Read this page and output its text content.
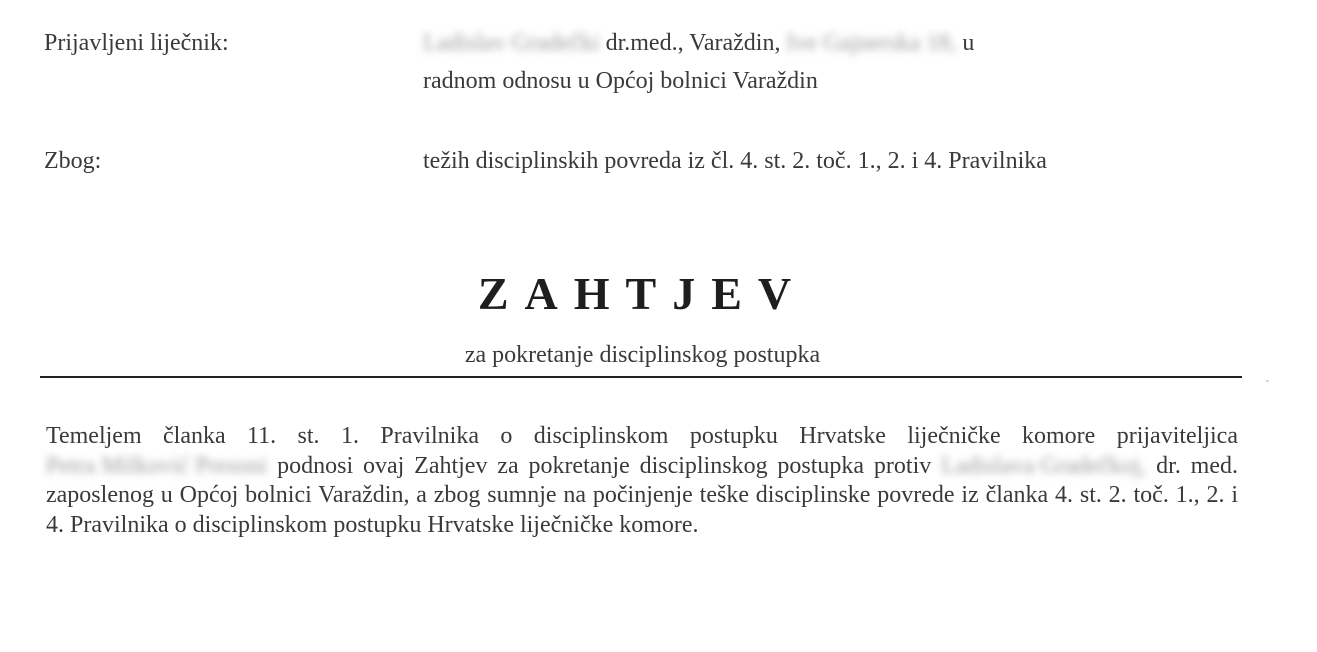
Prijavljeni liječnik:	Ladislav Gradečki dr.med., Varaždin, Ive Gajnerska 18, u
radnom odnosu u Općoj bolnici Varaždin
Zbog:	težih disciplinskih povreda iz čl. 4. st. 2. toč. 1., 2. i 4. Pravilnika
ZAHTJEV
za pokretanje disciplinskog postupka
Temeljem članka 11. st. 1. Pravilnika o disciplinskom postupku Hrvatske liječničke komore prijaviteljica Petra Milković Presoni podnosi ovaj Zahtjev za pokretanje disciplinskog postupka protiv Ladislava Gradečkoj, dr. med. zaposlenog u Općoj bolnici Varaždin, a zbog sumnje na počinjenje teške disciplinske povrede iz članka 4. st. 2. toč. 1., 2. i 4. Pravilnika o disciplinskom postupku Hrvatske liječničke komore.
